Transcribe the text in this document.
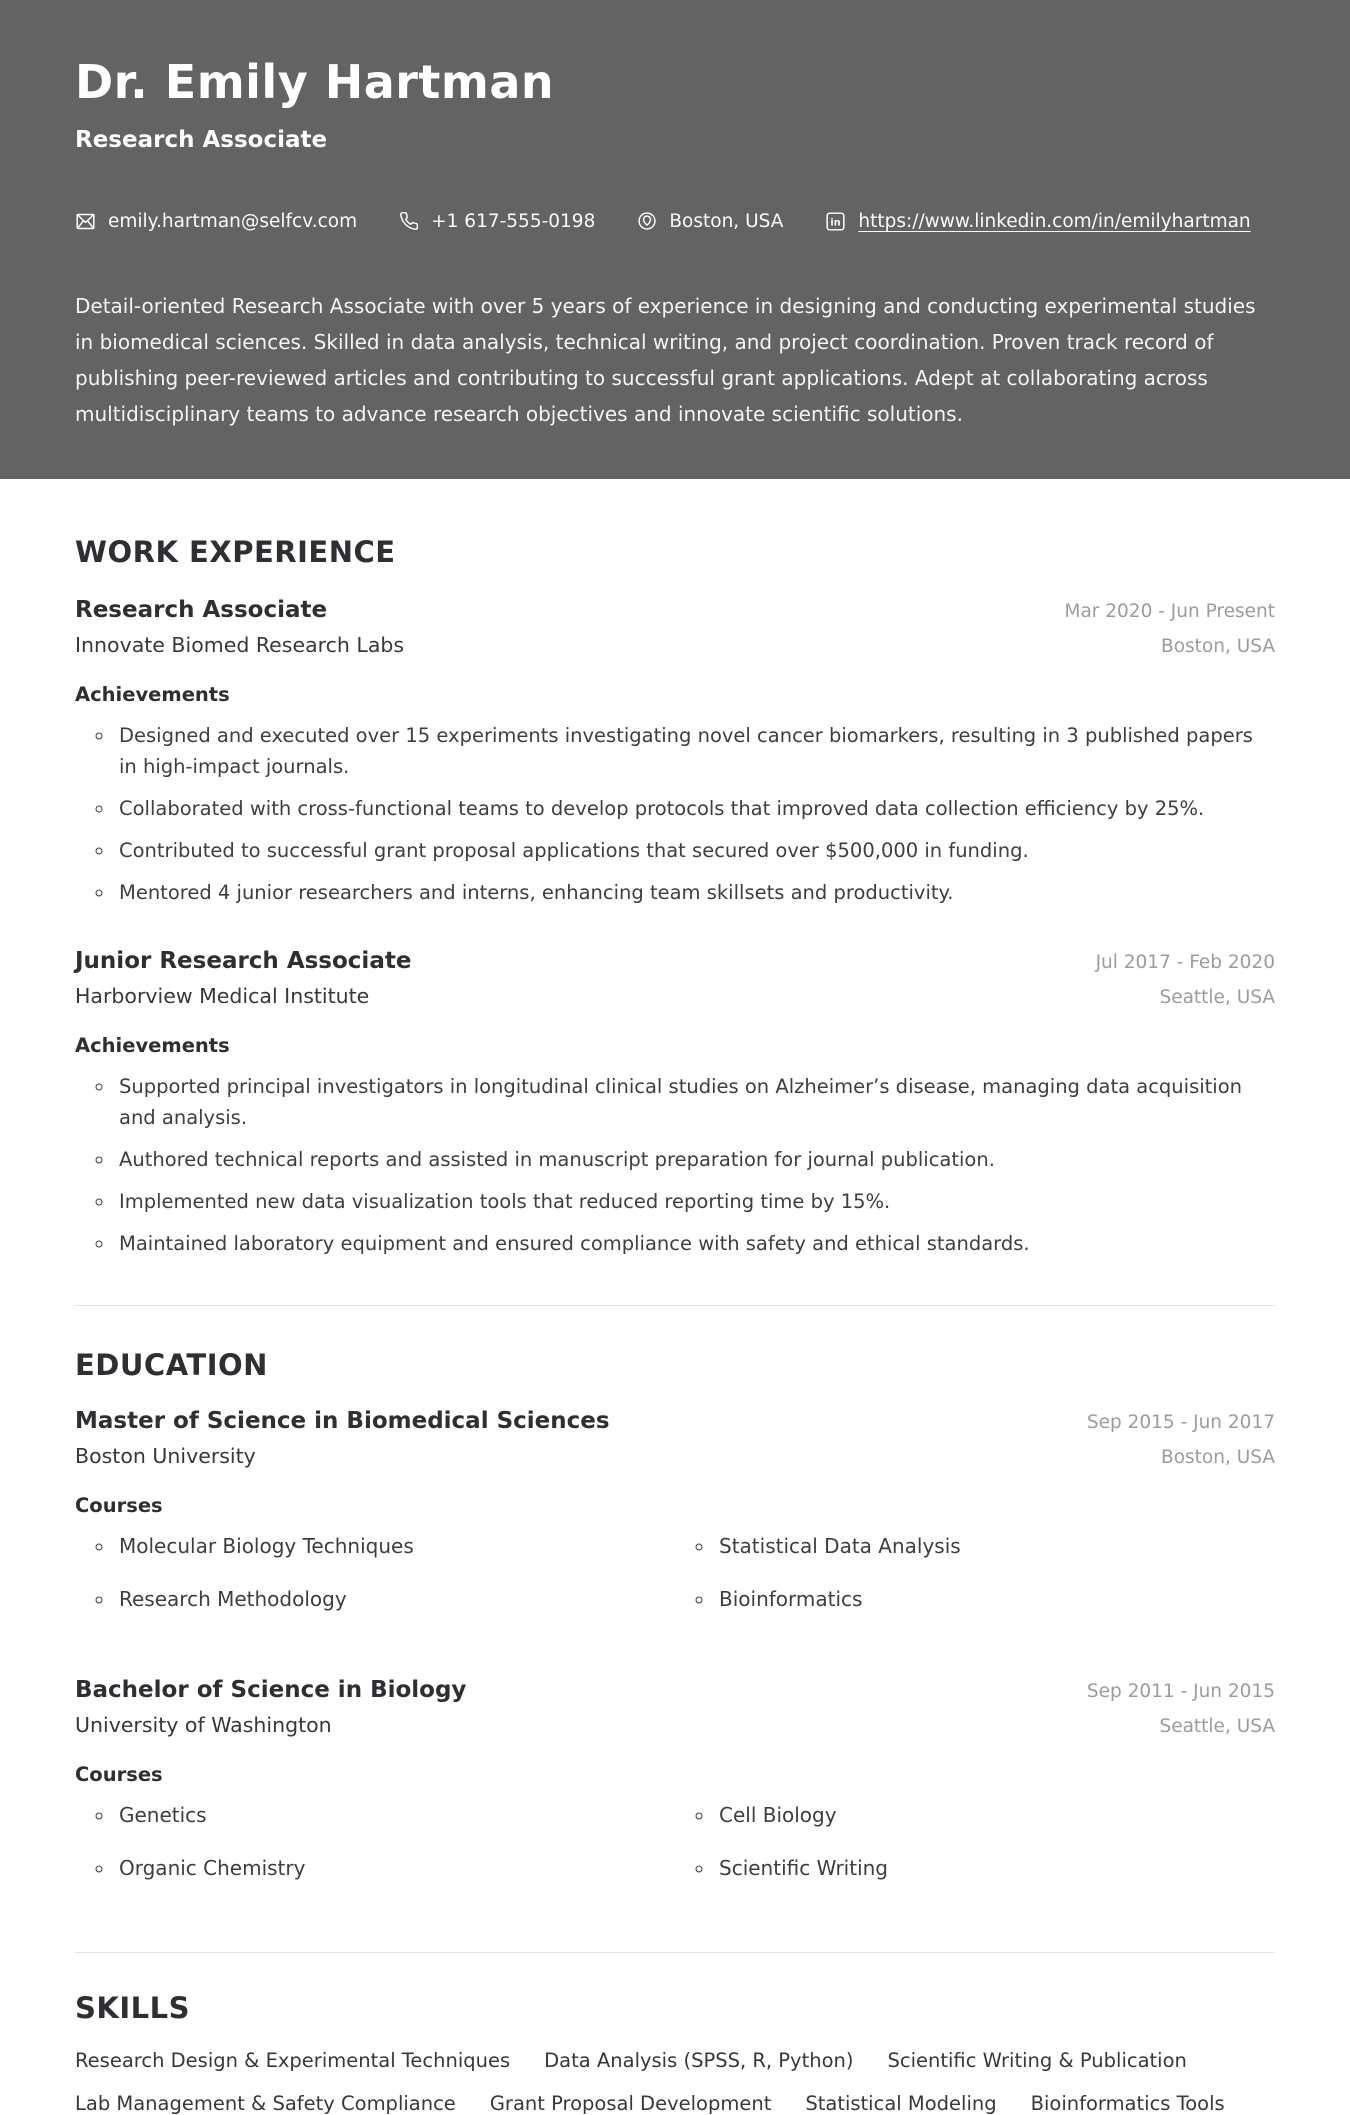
Dr. Emily Hartman
Research Associate
emily.hartman@selfcv.com	+1 617-555-0198	Boston, USA	in https://www.linkedin.com/in/emilyhartman

Detail-oriented Research Associate with over 5 years of experience in designing and conducting experimental studies in biomedical sciences. Skilled in data analysis, technical writing, and project coordination. Proven track record of publishing peer-reviewed articles and contributing to successful grant applications. Adept at collaborating across multidisciplinary teams to advance research objectives and innovate scientific solutions.

WORK EXPERIENCE
Research Associate	Mar 2020 - Jun Present
Innovate Biomed Research Labs	Boston, USA
Achievements
◦ Designed and executed over 15 experiments investigating novel cancer biomarkers, resulting in 3 published papers in high-impact journals.
◦ Collaborated with cross-functional teams to develop protocols that improved data collection efficiency by 25%.
◦ Contributed to successful grant proposal applications that secured over $500,000 in funding.
◦ Mentored 4 junior researchers and interns, enhancing team skillsets and productivity.
Junior Research Associate	Jul 2017 - Feb 2020
Harborview Medical Institute	Seattle, USA
Achievements
◦ Supported principal investigators in longitudinal clinical studies on Alzheimer’s disease, managing data acquisition and analysis.
◦ Authored technical reports and assisted in manuscript preparation for journal publication.
◦ Implemented new data visualization tools that reduced reporting time by 15%.
◦ Maintained laboratory equipment and ensured compliance with safety and ethical standards.
EDUCATION
Master of Science in Biomedical Sciences	Sep 2015 - Jun 2017
Boston University	Boston, USA
Courses
◦ Molecular Biology Techniques
◦ Research Methodology
◦ Statistical Data Analysis
◦ Bioinformatics
Bachelor of Science in Biology	Sep 2011 - Jun 2015
University of Washington	Seattle, USA
Courses
◦ Genetics
◦ Organic Chemistry
◦ Cell Biology
◦ Scientific Writing
SKILLS
Research Design & Experimental Techniques Data Analysis (SPSS, R, Python) Scientific Writing & Publication
Lab Management & Safety Compliance Grant Proposal Development Statistical Modeling Bioinformatics Tools
